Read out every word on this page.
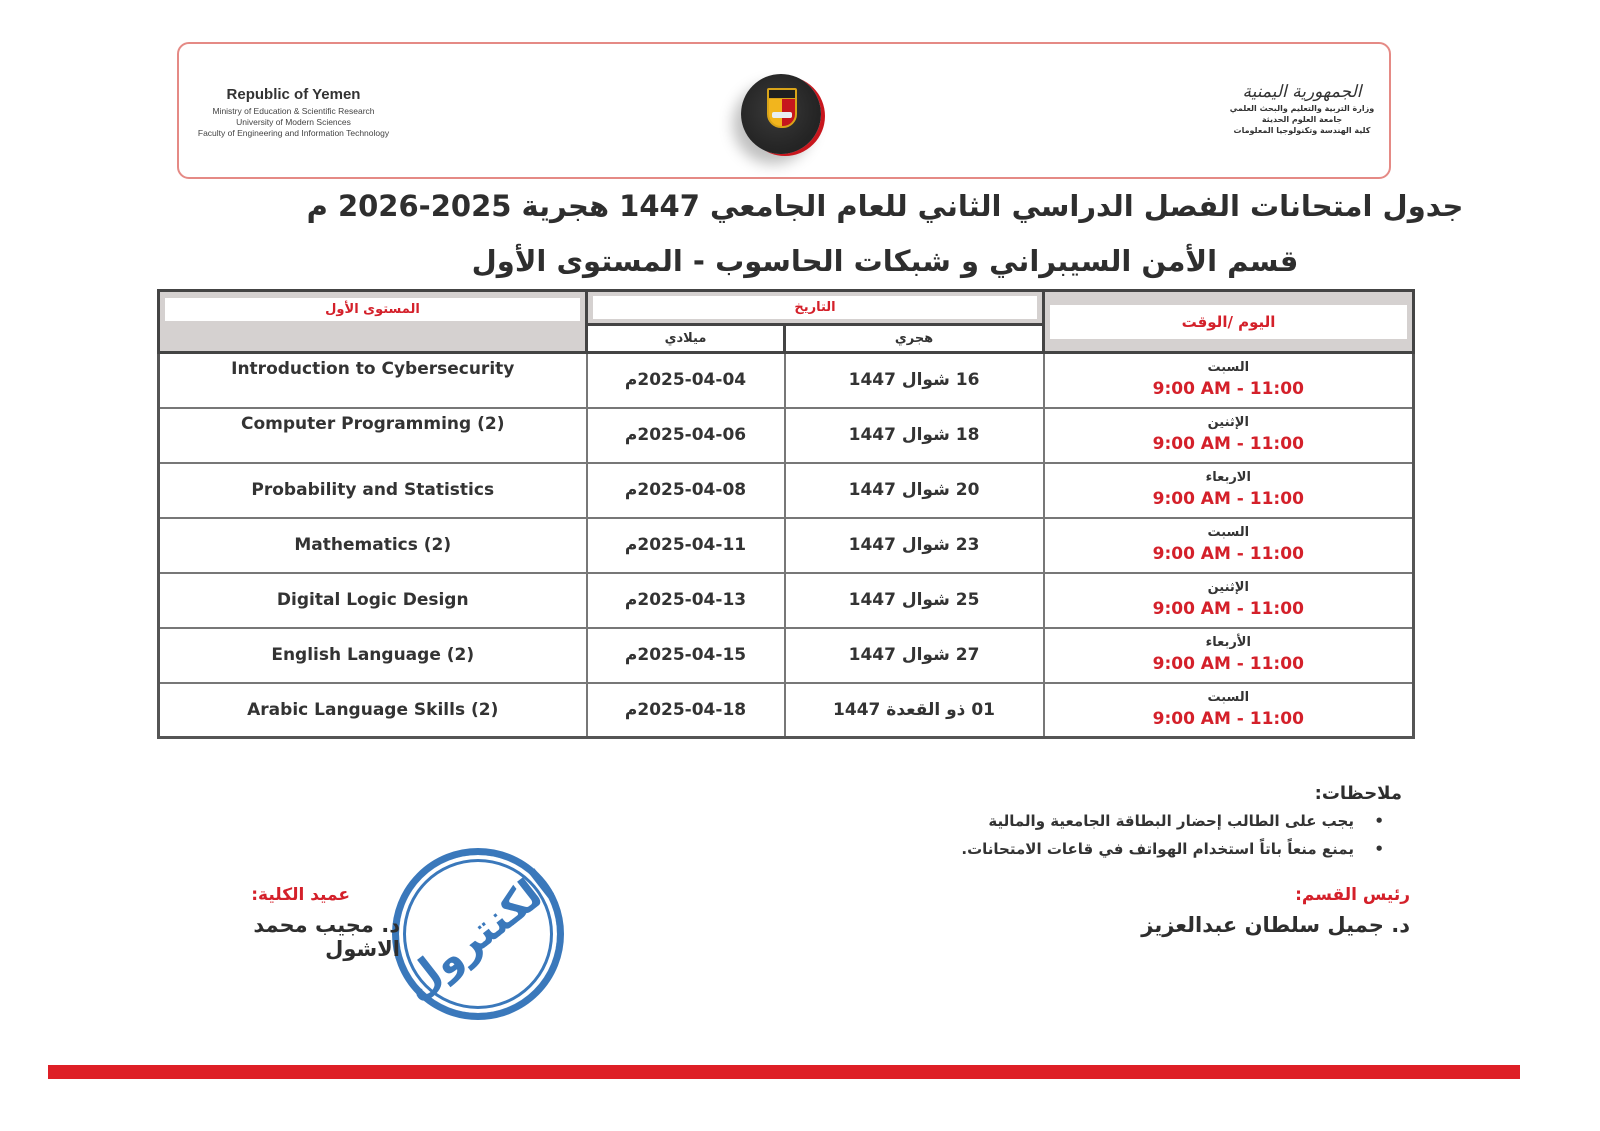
Republic of Yemen
Ministry of Education & Scientific Research
University of Modern Sciences
Faculty of Engineering and Information Technology
الجمهورية اليمنية
وزارة التربية والتعليم والبحث العلمي
جامعة العلوم الحديثة
كلية الهندسة وتكنولوجيا المعلومات
جدول امتحانات الفصل الدراسي الثاني للعام الجامعي 1447 هجرية 2025-2026 م
قسم الأمن السيبراني و شبكات الحاسوب - المستوى الأول
المستوى الأول	التاريخ		اليوم /الوقت

	ميلادي	هجري	
Introduction to Cybersecurity	2025-04-04م	16 شوال 1447	السبت
9:00 AM - 11:00

Computer Programming (2)	2025-04-06م	18 شوال 1447	الإثنين
9:00 AM - 11:00

Probability and Statistics	2025-04-08م	20 شوال 1447	الاربعاء
9:00 AM - 11:00

Mathematics (2)	2025-04-11م	23 شوال 1447	السبت
9:00 AM - 11:00

Digital Logic Design	2025-04-13م	25 شوال 1447	الإثنين
9:00 AM - 11:00

English Language (2)	2025-04-15م	27 شوال 1447	الأربعاء
9:00 AM - 11:00

Arabic Language Skills (2)	2025-04-18م	01 ذو القعدة 1447	السبت
9:00 AM - 11:00
ملاحظات:
•
يجب على الطالب إحضار البطاقة الجامعية والمالية
•
يمنع منعاً باتاً استخدام الهواتف في قاعات الامتحانات.
رئيس القسم:
د. جميل سلطان عبدالعزيز
الكنترول
عميد الكلية:
د. مجيب محمد الاشول
